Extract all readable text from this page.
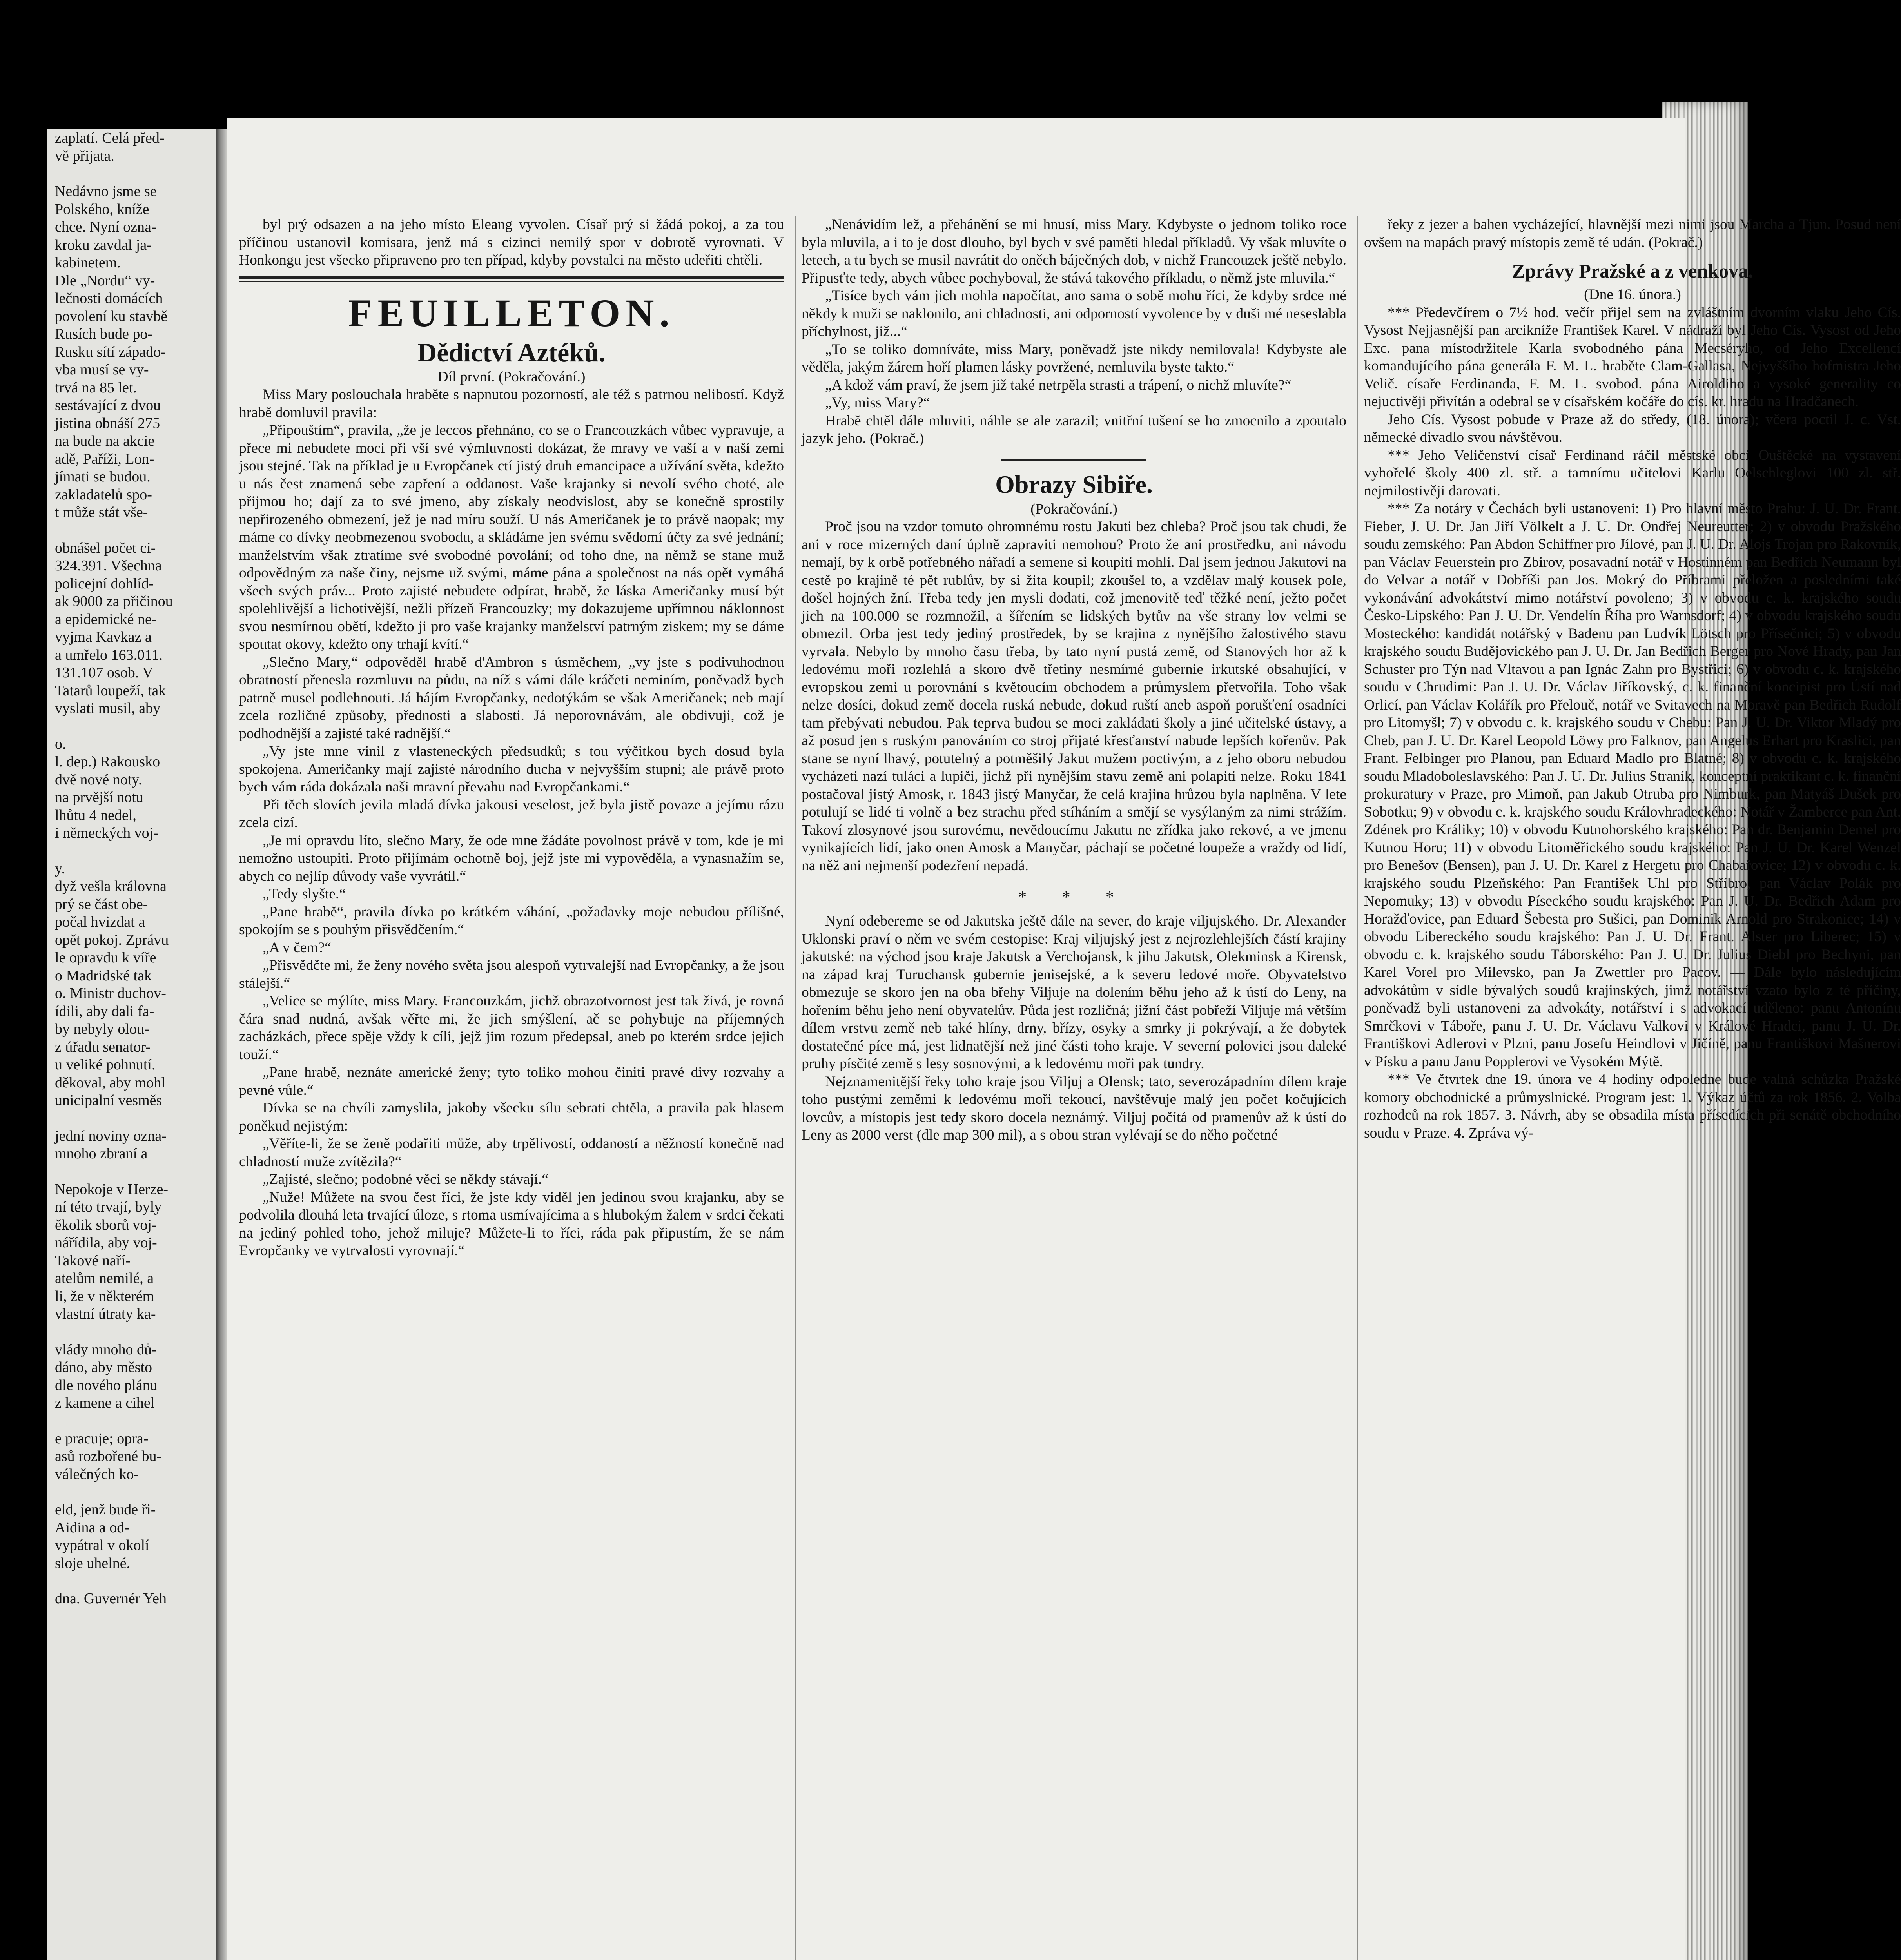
zaplatí. Celá před-
vě přijata.
Nedávno jsme se
Polského, kníže
chce. Nyní ozna-
kroku zavdal ja-
kabinetem.
Dle „Nordu“ vy-
lečnosti domácích
povolení ku stavbě
Rusích bude po-
Rusku sítí západo-
vba musí se vy-
trvá na 85 let.
sestávající z dvou
jistina obnáší 275
na bude na akcie
adě, Paříži, Lon-
jímati se budou.
zakladatelů spo-
t může stát vše-
obnášel počet ci-
324.391. Všechna
policejní dohlíd-
ak 9000 za přičinou
a epidemické ne-
vyjma Kavkaz a
a umřelo 163.011.
131.107 osob. V
Tatarů loupeží, tak
vyslati musil, aby
o.
l. dep.) Rakousko
dvě nové noty.
na prvější notu
lhůtu 4 nedel,
i německých voj-
y.
dyž vešla královna
prý se část obe-
počal hvizdat a
opět pokoj. Zprávu
le opravdu k víře
o Madridské tak
o. Ministr duchov-
ídili, aby dali fa-
by nebyly olou-
z úřadu senator-
u veliké pohnutí.
děkoval, aby mohl
unicipalní vesměs
jední noviny ozna-
mnoho zbraní a
Nepokoje v Herze-
ní této trvají, byly
ěkolik sborů voj-
nářídila, aby voj-
Takové naří-
atelům nemilé, a
li, že v některém
vlastní útraty ka-
vlády mnoho dů-
dáno, aby město
dle nového plánu
z kamene a cihel
e pracuje; opra-
asů rozbořené bu-
válečných ko-
eld, jenž bude ři-
Aidina a od-
vypátral v okolí
sloje uhelné.
dna. Guvernér Yeh

byl prý odsazen a na jeho místo Eleang vyvolen. Císař prý si žádá pokoj, a za tou příčinou ustanovil komisara, jenž má s cizinci nemilý spor v dobrotě vyrovnati. V Honkongu jest všecko připraveno pro ten případ, kdyby povstalci na město udeřiti chtěli.

FEUILLETON.
Dědictví Aztéků.

Díl první. (Pokračování.)

Miss Mary poslouchala hraběte s napnutou pozorností, ale též s patrnou nelibostí. Když hrabě domluvil pravila:

„Připouštím“, pravila, „že je leccos přehnáno, co se o Francouzkách vůbec vypravuje, a přece mi nebudete moci při vší své výmluvnosti dokázat, že mravy ve vaší a v naší zemi jsou stejné. Tak na příklad je u Evropčanek ctí jistý druh emancipace a užívání světa, kdežto u nás čest znamená sebe zapření a oddanost. Vaše krajanky si nevolí svého choté, ale přijmou ho; dají za to své jmeno, aby získaly neodvislost, aby se konečně sprostily nepřirozeného obmezení, jež je nad míru souží. U nás Američanek je to právě naopak; my máme co dívky neobmezenou svobodu, a skládáme jen svému svědomí účty za své jednání; manželstvím však ztratíme své svobodné povolání; od toho dne, na němž se stane muž odpovědným za naše činy, nejsme už svými, máme pána a společnost na nás opět vymáhá všech svých práv... Proto zajisté nebudete odpírat, hrabě, že láska Američanky musí být spolehlivější a lichotivější, nežli přízeň Francouzky; my dokazujeme upřímnou náklonnost svou nesmírnou obětí, kdežto ji pro vaše krajanky manželství patrným ziskem; my se dáme spoutat okovy, kdežto ony trhají kvítí.“

„Slečno Mary,“ odpověděl hrabě d'Ambron s úsměchem, „vy jste s podivuhodnou obratností přenesla rozmluvu na půdu, na níž s vámi dále kráčeti neminím, poněvadž bych patrně musel podlehnouti. Já hájím Evropčanky, nedotýkám se však Američanek; neb mají zcela rozličné způsoby, přednosti a slabosti. Já neporovnávám, ale obdivuji, což je podhodnější a zajisté také radnější.“

„Vy jste mne vinil z vlasteneckých předsudků; s tou výčitkou bych dosud byla spokojena. Američanky mají zajisté národního ducha v nejvyšším stupni; ale právě proto bych vám ráda dokázala naši mravní převahu nad Evropčankami.“

Při těch slovích jevila mladá dívka jakousi veselost, jež byla jistě povaze a jejímu rázu zcela cizí.

„Je mi opravdu líto, slečno Mary, že ode mne žádáte povolnost právě v tom, kde je mi nemožno ustoupiti. Proto přijímám ochotně boj, jejž jste mi vypověděla, a vynasnažím se, abych co nejlíp důvody vaše vyvrátil.“

„Tedy slyšte.“

„Pane hrabě“, pravila dívka po krátkém váhání, „požadavky moje nebudou přílišné, spokojím se s pouhým přisvědčením.“

„A v čem?“

„Přisvědčte mi, že ženy nového světa jsou alespoň vytrvalejší nad Evropčanky, a že jsou stálejší.“

„Velice se mýlíte, miss Mary. Francouzkám, jichž obrazotvornost jest tak živá, je rovná čára snad nudná, avšak věřte mi, že jich smýšlení, ač se pohybuje na příjemných zacházkách, přece spěje vždy k cíli, jejž jim rozum předepsal, aneb po kterém srdce jejich touží.“

„Pane hrabě, neznáte americké ženy; tyto toliko mohou činiti pravé divy rozvahy a pevné vůle.“

Dívka se na chvíli zamyslila, jakoby všecku sílu sebrati chtěla, a pravila pak hlasem poněkud nejistým:

„Věříte-li, že se ženě podařiti může, aby trpělivostí, oddaností a něžností konečně nad chladností muže zvítězila?“

„Zajisté, slečno; podobné věci se někdy stávají.“

„Nuže! Můžete na svou čest říci, že jste kdy viděl jen jedinou svou krajanku, aby se podvolila dlouhá leta trvající úloze, s rtoma usmívajícima a s hlubokým žalem v srdci čekati na jediný pohled toho, jehož miluje? Můžete-li to říci, ráda pak připustím, že se nám Evropčanky ve vytrvalosti vyrovnají.“

„Nenávidím lež, a přehánění se mi hnusí, miss Mary. Kdybyste o jednom toliko roce byla mluvila, a i to je dost dlouho, byl bych v své paměti hledal příkladů. Vy však mluvíte o letech, a tu bych se musil navrátit do oněch báječných dob, v nichž Francouzek ještě nebylo. Připusťte tedy, abych vůbec pochyboval, že stává takového příkladu, o němž jste mluvila.“

„Tisíce bych vám jich mohla napočítat, ano sama o sobě mohu říci, že kdyby srdce mé někdy k muži se naklonilo, ani chladnosti, ani odporností vyvolence by v duši mé neseslabla příchylnost, již...“

„To se toliko domníváte, miss Mary, poněvadž jste nikdy nemilovala! Kdybyste ale věděla, jakým žárem hoří plamen lásky povržené, nemluvila byste takto.“

„A kdož vám praví, že jsem již také netrpěla strasti a trápení, o nichž mluvíte?“

„Vy, miss Mary?“

Hrabě chtěl dále mluviti, náhle se ale zarazil; vnitřní tušení se ho zmocnilo a zpoutalo jazyk jeho. (Pokrač.)

Obrazy Sibiře.

(Pokračování.)

Proč jsou na vzdor tomuto ohromnému rostu Jakuti bez chleba? Proč jsou tak chudi, že ani v roce mizerných daní úplně zapraviti nemohou? Proto že ani prostředku, ani návodu nemají, by k orbě potřebného nářadí a semene si koupiti mohli. Dal jsem jednou Jakutovi na cestě po krajině té pět rublův, by si žita koupil; zkoušel to, a vzdělav malý kousek pole, došel hojných žní. Třeba tedy jen mysli dodati, což jmenovitě teď těžké není, ježto počet jich na 100.000 se rozmnožil, a šířením se lidských bytův na vše strany lov velmi se obmezil. Orba jest tedy jediný prostředek, by se krajina z nynějšího žalostivého stavu vyrvala. Nebylo by mnoho času třeba, by tato nyní pustá země, od Stanových hor až k ledovému moři rozlehlá a skoro dvě třetiny nesmírné gubernie irkutské obsahující, v evropskou zemi u porovnání s květoucím obchodem a průmyslem přetvořila. Toho však nelze dosíci, dokud země docela ruská nebude, dokud ruští aneb aspoň porušťení osadníci tam přebývati nebudou. Pak teprva budou se moci zakládati školy a jiné učitelské ústavy, a až posud jen s ruským panováním co stroj přijaté křesťanství nabude lepších kořenův. Pak stane se nyní lhavý, potutelný a potměšilý Jakut mužem poctivým, a z jeho oboru nebudou vycházeti nazí tuláci a lupiči, jichž při nynějším stavu země ani polapiti nelze. Roku 1841 postačoval jistý Amosk, r. 1843 jistý Manyčar, že celá krajina hrůzou byla naplněna. V lete potulují se lidé ti volně a bez strachu před stíháním a smějí se vysýlaným za nimi strážím. Takoví zlosynové jsou surovému, nevědoucímu Jakutu ne zřídka jako rekové, a ve jmenu vynikajících lidí, jako onen Amosk a Manyčar, páchají se početné loupeže a vraždy od lidí, na něž ani nejmenší podezření nepadá.

* * *

Nyní odebereme se od Jakutska ještě dále na sever, do kraje viljujského. Dr. Alexander Uklonski praví o něm ve svém cestopise: Kraj viljujský jest z nejrozlehlejších částí krajiny jakutské: na východ jsou kraje Jakutsk a Verchojansk, k jihu Jakutsk, Olekminsk a Kirensk, na západ kraj Turuchansk gubernie jenisejské, a k severu ledové moře. Obyvatelstvo obmezuje se skoro jen na oba břehy Viljuje na dolením běhu jeho až k ústí do Leny, na hořením běhu jeho není obyvatelův. Půda jest rozličná; jižní část pobřeží Viljuje má větším dílem vrstvu země neb také hlíny, drny, břízy, osyky a smrky ji pokrývají, a že dobytek dostatečné píce má, jest lidnatější než jiné části toho kraje. V severní polovici jsou daleké pruhy písčité země s lesy sosnovými, a k ledovému moři pak tundry.

Nejznamenitější řeky toho kraje jsou Viljuj a Olensk; tato, severozápadním dílem kraje toho pustými zeměmi k ledovému moři tekoucí, navštěvuje malý jen počet kočujících lovcův, a místopis jest tedy skoro docela neznámý. Viljuj počítá od pramenův až k ústí do Leny as 2000 verst (dle map 300 mil), a s obou stran vylévají se do něho početné

řeky z jezer a bahen vycházející, hlavnější mezi nimi jsou Marcha a Tjun. Posud není ovšem na mapách pravý místopis země té udán. (Pokrač.)

Zprávy Pražské a z venkova.

(Dne 16. února.)

*** Předevčírem o 7½ hod. večír přijel sem na zvláštním dvorním vlaku Jeho Cís. Vysost Nejjasnější pan arcikníže František Karel. V nádraží byl Jeho Cís. Vysost od Jeho Exc. pana místodržitele Karla svobodného pána Mecséryho, od Jeho Excellencí komandujícího pána generála F. M. L. hraběte Clam-Gallasa, Nejvyššího hofmistra Jeho Velič. císaře Ferdinanda, F. M. L. svobod. pána Airoldiho a vysoké generality co nejuctivěji přivítán a odebral se v císařském kočáře do cís. kr. hradu na Hradčanech.

Jeho Cís. Vysost pobude v Praze až do středy, (18. února); včera poctil J. c. Vst. německé divadlo svou návštěvou.

*** Jeho Veličenství císař Ferdinand ráčil městské obci Ouštěcké na vystavení vyhořelé školy 400 zl. stř. a tamnímu učitelovi Karlu Oelschleglovi 100 zl. stř. nejmilostivěji darovati.

*** Za notáry v Čechách byli ustanoveni: 1) Pro hlavní město Prahu: J. U. Dr. Frant. Fieber, J. U. Dr. Jan Jiří Völkelt a J. U. Dr. Ondřej Neureutter; 2) v obvodu Pražského soudu zemského: Pan Abdon Schiffner pro Jílové, pan J. U. Dr. Alojs Trojan pro Rakovník, pan Václav Feuerstein pro Zbirov, posavadní notář v Hostinném pan Bedřich Neumann byl do Velvar a notář v Dobříši pan Jos. Mokrý do Příbrami přeložen a posledními také vykonávání advokátství mimo notářství povoleno; 3) v obvodu c. k. krajského soudu Česko-Lipského: Pan J. U. Dr. Vendelín Říha pro Warnsdorf; 4) v obvodu krajského soudu Mosteckého: kandidát notářský v Badenu pan Ludvík Lötsch pro Přísečnici; 5) v obvodu krajského soudu Budějovického pan J. U. Dr. Jan Bedřich Berger pro Nové Hrady, pan Jan Schuster pro Týn nad Vltavou a pan Ignác Zahn pro Bystřici; 6) v obvodu c. k. krajského soudu v Chrudimi: Pan J. U. Dr. Václav Jiříkovský, c. k. finanční koncipist pro Ústí nad Orlicí, pan Václav Kolářík pro Přelouč, notář ve Svitavech na Moravě pan Bedřich Rudolf pro Litomyšl; 7) v obvodu c. k. krajského soudu v Chebu: Pan J. U. Dr. Viktor Mladý pro Cheb, pan J. U. Dr. Karel Leopold Löwy pro Falknov, pan Angelus Erhart pro Kraslici, pan Frant. Felbinger pro Planou, pan Eduard Madlo pro Blatné; 8) v obvodu c. k. krajského soudu Mladoboleslavského: Pan J. U. Dr. Julius Straník, konceptní praktikant c. k. finanční prokuratury v Praze, pro Mimoň, pan Jakub Otruba pro Nimburk, pan Matyáš Dušek pro Sobotku; 9) v obvodu c. k. krajského soudu Královhradeckého: Notář v Žamberce pan Ant. Zdének pro Králiky; 10) v obvodu Kutnohorského krajského: Pan dr. Benjamin Demel pro Kutnou Horu; 11) v obvodu Litoměřického soudu krajského: Pan J. U. Dr. Karel Wenzel pro Benešov (Bensen), pan J. U. Dr. Karel z Hergetu pro Chabařovice; 12) v obvodu c. k. krajského soudu Plzeňského: Pan František Uhl pro Stříbro, pan Václav Polák pro Nepomuky; 13) v obvodu Píseckého soudu krajského: Pan J. U. Dr. Bedřich Adam pro Horažďovice, pan Eduard Šebesta pro Sušici, pan Dominik Arnold pro Strakonice; 14) v obvodu Libereckého soudu krajského: Pan J. U. Dr. Frant. Alster pro Liberec; 15) v obvodu c. k. krajského soudu Táborského: Pan J. U. Dr. Julius Diebl pro Bechyni, pan Karel Vorel pro Milevsko, pan Ja Zwettler pro Pacov. — Dále bylo následujícím advokátům v sídle bývalých soudů krajinských, jimž notářství vzato bylo z té příčiny, poněvadž byli ustanoveni za advokáty, notářství i s advokací uděleno: panu Antonínu Smrčkovi v Táboře, panu J. U. Dr. Václavu Valkovi v Králové Hradci, panu J. U. Dr. Františkovi Adlerovi v Plzni, panu Josefu Heindlovi v Jičíně, panu Františkovi Mašnerovi v Písku a panu Janu Popplerovi ve Vysokém Mýtě.

*** Ve čtvrtek dne 19. února ve 4 hodiny odpoledne bude valná schůzka Pražské komory obchodnické a průmyslnické. Program jest: 1. Výkaz účtů za rok 1856. 2. Volba rozhodců na rok 1857. 3. Návrh, aby se obsadila místa přísedících při senátě obchodního soudu v Praze. 4. Zpráva vý-
